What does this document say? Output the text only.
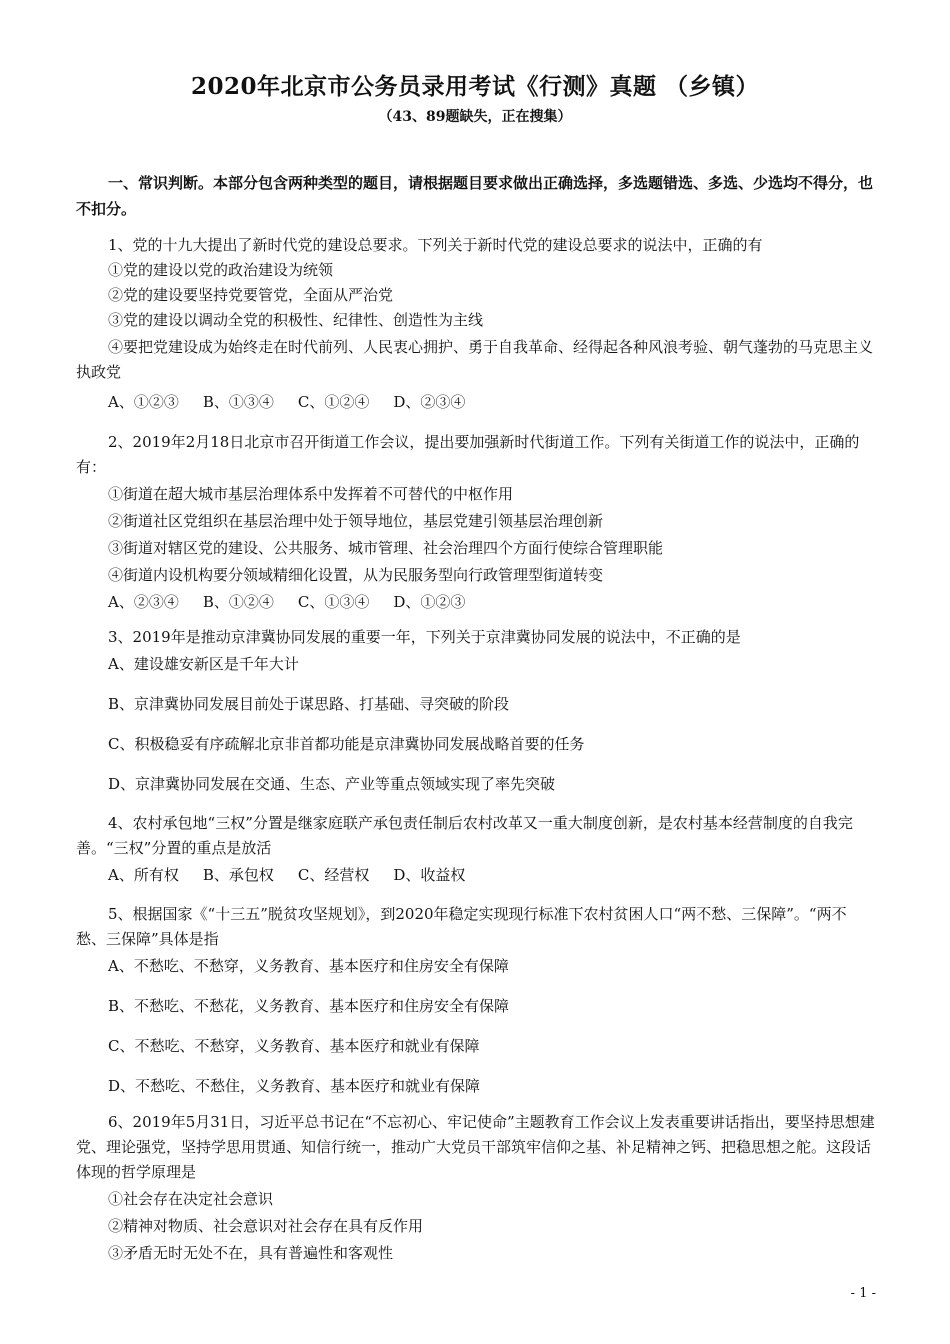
2020年北京市公务员录用考试《行测》真题 （乡镇）
（43、89题缺失，正在搜集）
一、常识判断。本部分包含两种类型的题目，请根据题目要求做出正确选择，多选题错选、多选、少选均不得分，也不扣分。

1、党的十九大提出了新时代党的建设总要求。下列关于新时代党的建设总要求的说法中，正确的有

①党的建设以党的政治建设为统领

②党的建设要坚持党要管党，全面从严治党

③党的建设以调动全党的积极性、纪律性、创造性为主线

④要把党建设成为始终走在时代前列、人民衷心拥护、勇于自我革命、经得起各种风浪考验、朝气蓬勃的马克思主义执政党

A、①②③ B、①③④ C、①②④ D、②③④

2、2019年2月18日北京市召开街道工作会议，提出要加强新时代街道工作。下列有关街道工作的说法中，正确的有：

①街道在超大城市基层治理体系中发挥着不可替代的中枢作用

②街道社区党组织在基层治理中处于领导地位，基层党建引领基层治理创新

③街道对辖区党的建设、公共服务、城市管理、社会治理四个方面行使综合管理职能

④街道内设机构要分领域精细化设置，从为民服务型向行政管理型街道转变

A、②③④ B、①②④ C、①③④ D、①②③

3、2019年是推动京津冀协同发展的重要一年，下列关于京津冀协同发展的说法中，不正确的是

A、建设雄安新区是千年大计

B、京津冀协同发展目前处于谋思路、打基础、寻突破的阶段

C、积极稳妥有序疏解北京非首都功能是京津冀协同发展战略首要的任务

D、京津冀协同发展在交通、生态、产业等重点领域实现了率先突破

4、农村承包地“三权”分置是继家庭联产承包责任制后农村改革又一重大制度创新，是农村基本经营制度的自我完善。“三权”分置的重点是放活

A、所有权 B、承包权 C、经营权 D、收益权

5、根据国家《“十三五”脱贫攻坚规划》，到2020年稳定实现现行标准下农村贫困人口“两不愁、三保障”。“两不愁、三保障”具体是指

A、不愁吃、不愁穿，义务教育、基本医疗和住房安全有保障

B、不愁吃、不愁花，义务教育、基本医疗和住房安全有保障

C、不愁吃、不愁穿，义务教育、基本医疗和就业有保障

D、不愁吃、不愁住，义务教育、基本医疗和就业有保障

6、2019年5月31日，习近平总书记在“不忘初心、牢记使命”主题教育工作会议上发表重要讲话指出，要坚持思想建党、理论强党，坚持学思用贯通、知信行统一，推动广大党员干部筑牢信仰之基、补足精神之钙、把稳思想之舵。这段话体现的哲学原理是

①社会存在决定社会意识

②精神对物质、社会意识对社会存在具有反作用

③矛盾无时无处不在，具有普遍性和客观性

- 1 -
